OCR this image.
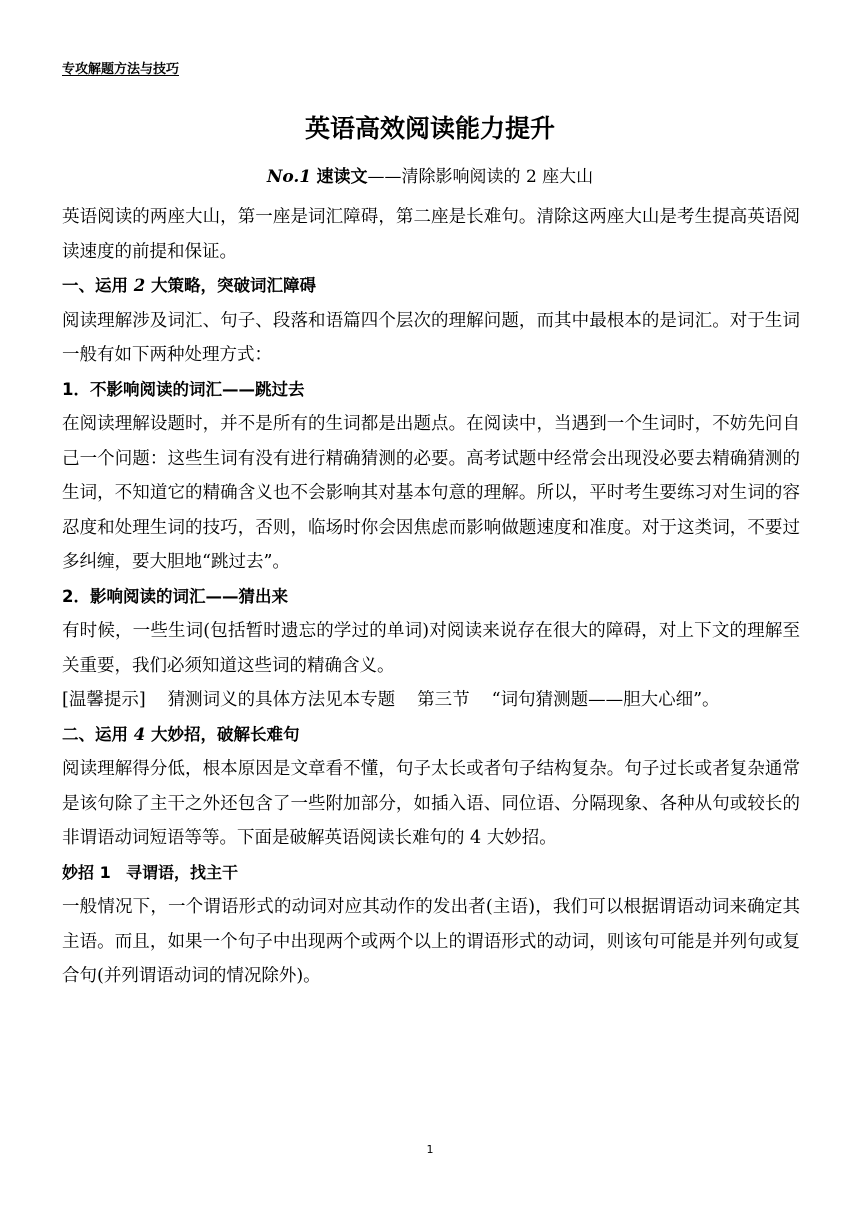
专攻解题方法与技巧
英语高效阅读能力提升
No.1 速读文——清除影响阅读的 2 座大山

英语阅读的两座大山，第一座是词汇障碍，第二座是长难句。清除这两座大山是考生提高英语阅读速度的前提和保证。

一、运用 2 大策略，突破词汇障碍

阅读理解涉及词汇、句子、段落和语篇四个层次的理解问题，而其中最根本的是词汇。对于生词一般有如下两种处理方式：

1．不影响阅读的词汇——跳过去

在阅读理解设题时，并不是所有的生词都是出题点。在阅读中，当遇到一个生词时，不妨先问自己一个问题：这些生词有没有进行精确猜测的必要。高考试题中经常会出现没必要去精确猜测的生词，不知道它的精确含义也不会影响其对基本句意的理解。所以，平时考生要练习对生词的容忍度和处理生词的技巧，否则，临场时你会因焦虑而影响做题速度和准度。对于这类词，不要过多纠缠，要大胆地“跳过去”。

2．影响阅读的词汇——猜出来

有时候，一些生词(包括暂时遗忘的学过的单词)对阅读来说存在很大的障碍，对上下文的理解至关重要，我们必须知道这些词的精确含义。

[温馨提示] 猜测词义的具体方法见本专题 第三节 “词句猜测题——胆大心细”。

二、运用 4 大妙招，破解长难句

阅读理解得分低，根本原因是文章看不懂，句子太长或者句子结构复杂。句子过长或者复杂通常是该句除了主干之外还包含了一些附加部分，如插入语、同位语、分隔现象、各种从句或较长的非谓语动词短语等等。下面是破解英语阅读长难句的 4 大妙招。

妙招 1 寻谓语，找主干

一般情况下，一个谓语形式的动词对应其动作的发出者(主语)，我们可以根据谓语动词来确定其主语。而且，如果一个句子中出现两个或两个以上的谓语形式的动词，则该句可能是并列句或复合句(并列谓语动词的情况除外)。

1
